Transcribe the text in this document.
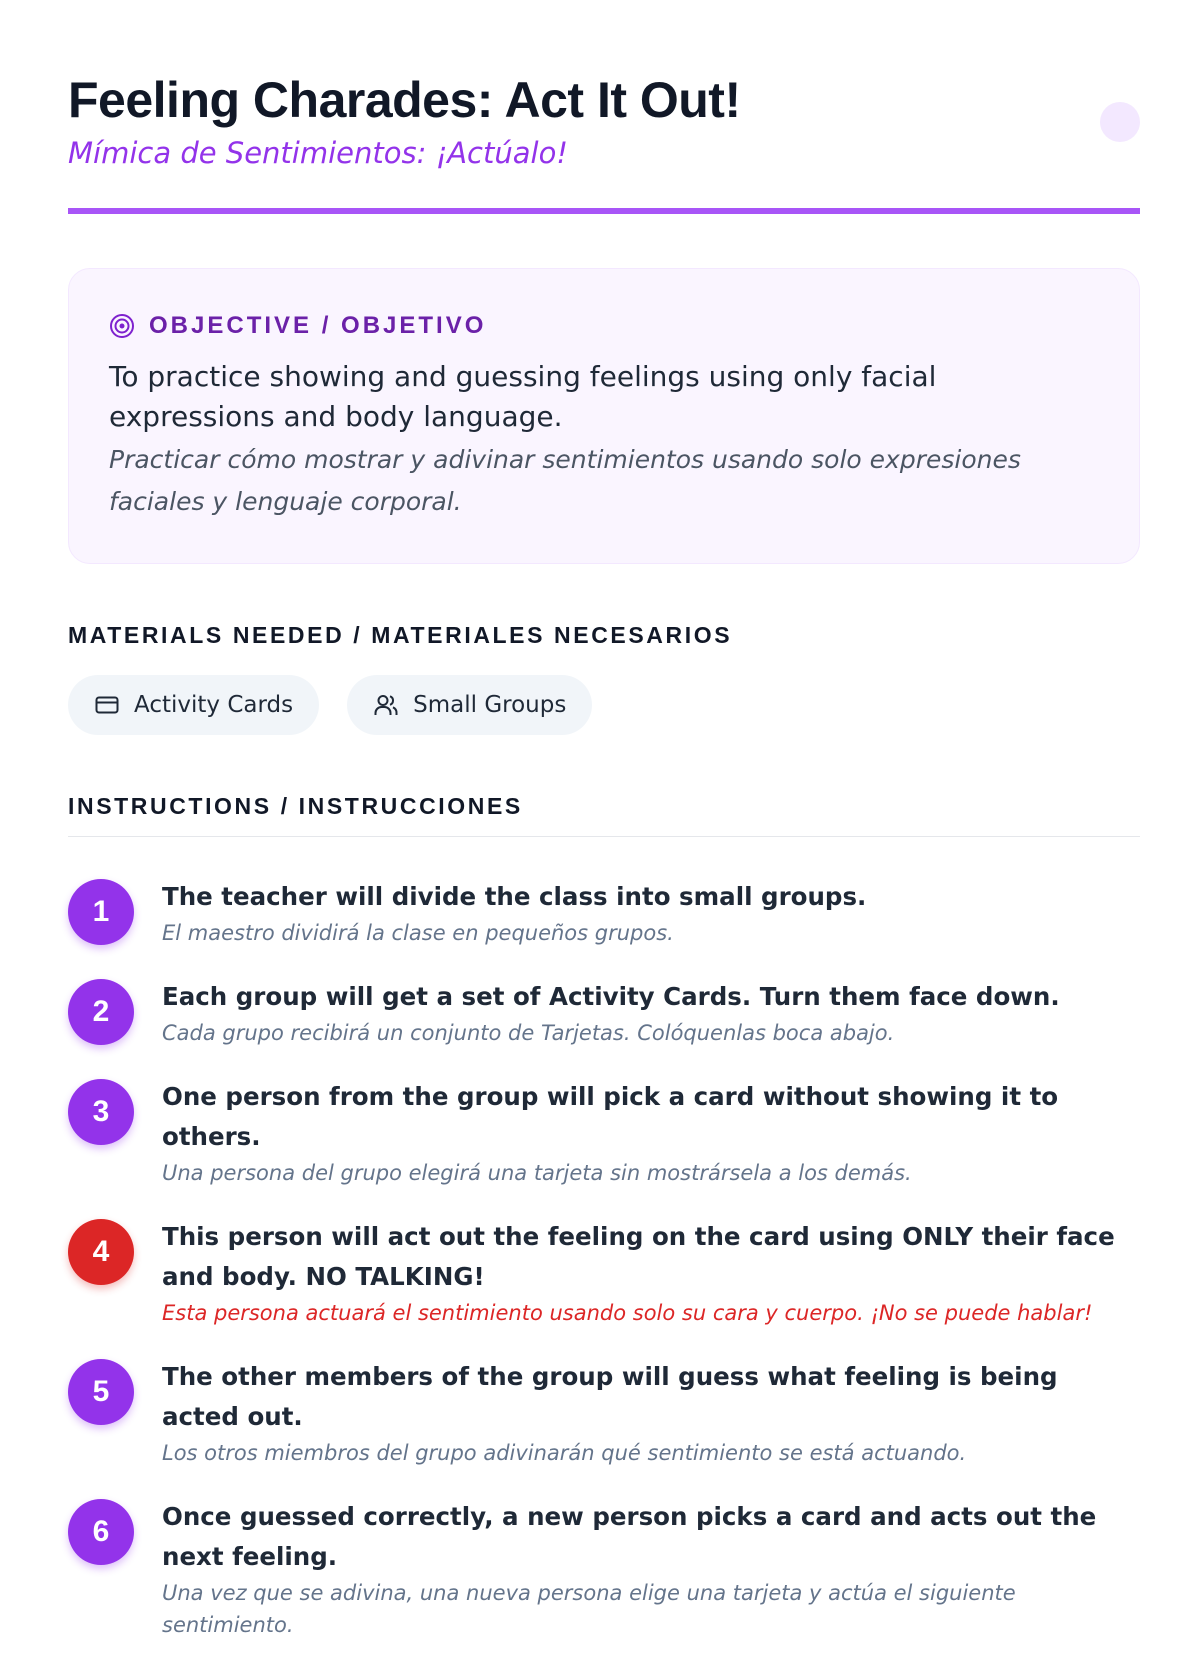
Feeling Charades: Act It Out!
Mímica de Sentimientos: ¡Actúalo!
OBJECTIVE / OBJETIVO
To practice showing and guessing feelings using only facial expressions and body language.
Practicar cómo mostrar y adivinar sentimientos usando solo expresiones faciales y lenguaje corporal.
MATERIALS NEEDED / MATERIALES NECESARIOS
Activity Cards	Small Groups
INSTRUCTIONS / INSTRUCCIONES
1	The teacher will divide the class into small groups.
El maestro dividirá la clase en pequeños grupos.
2	Each group will get a set of Activity Cards. Turn them face down.
Cada grupo recibirá un conjunto de Tarjetas. Colóquenlas boca abajo.
3	One person from the group will pick a card without showing it to others.
Una persona del grupo elegirá una tarjeta sin mostrársela a los demás.
4	This person will act out the feeling on the card using ONLY their face and body. NO TALKING!
Esta persona actuará el sentimiento usando solo su cara y cuerpo. ¡No se puede hablar!
5	The other members of the group will guess what feeling is being acted out.
Los otros miembros del grupo adivinarán qué sentimiento se está actuando.
6	Once guessed correctly, a new person picks a card and acts out the next feeling.
Una vez que se adivina, una nueva persona elige una tarjeta y actúa el siguiente sentimiento.
